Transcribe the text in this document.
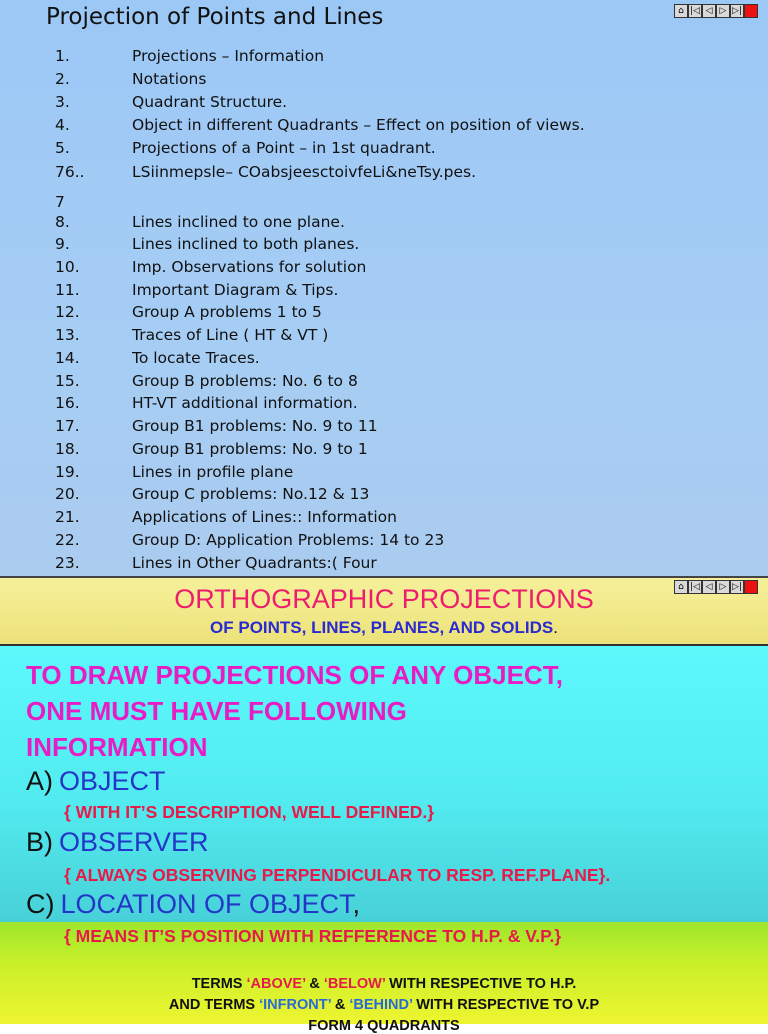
Projection of Points and Lines	⌂ |◁ ◁ ▷ ▷|
1.	Projections – Information
2.	Notations
3.	Quadrant Structure.
4.	Object in different Quadrants – Effect on position of views.
5.	Projections of a Point – in 1st quadrant.
76..	LSiinmepsle– COabsjeesctoivfeLi&neTsy.pes.
7
8.	Lines inclined to one plane.
9.	Lines inclined to both planes.
10.	Imp. Observations for solution
11.	Important Diagram & Tips.
12.	Group A problems 1 to 5
13.	Traces of Line ( HT & VT )
14.	To locate Traces.
15.	Group B problems: No. 6 to 8
16.	HT-VT additional information.
17.	Group B1 problems: No. 9 to 11
18.	Group B1 problems: No. 9 to 1
19.	Lines in profile plane
20.	Group C problems: No.12 & 13
21.	Applications of Lines:: Information
22.	Group D: Application Problems: 14 to 23
23.	Lines in Other Quadrants:( Four
ORTHOGRAPHIC PROJECTIONS
OF POINTS, LINES, PLANES, AND SOLIDS.
⌂ |◁ ◁ ▷ ▷|
TO DRAW PROJECTIONS OF ANY OBJECT,
ONE MUST HAVE FOLLOWING
INFORMATION
A) OBJECT
{ WITH IT’S DESCRIPTION, WELL DEFINED.}
B) OBSERVER
{ ALWAYS OBSERVING PERPENDICULAR TO RESP. REF.PLANE}.
C) LOCATION OF OBJECT,
{ MEANS IT’S POSITION WITH REFFERENCE TO H.P. & V.P.}
TERMS ‘ABOVE’ & ‘BELOW’ WITH RESPECTIVE TO H.P.
AND TERMS ‘INFRONT’ & ‘BEHIND’ WITH RESPECTIVE TO V.P
FORM 4 QUADRANTS
